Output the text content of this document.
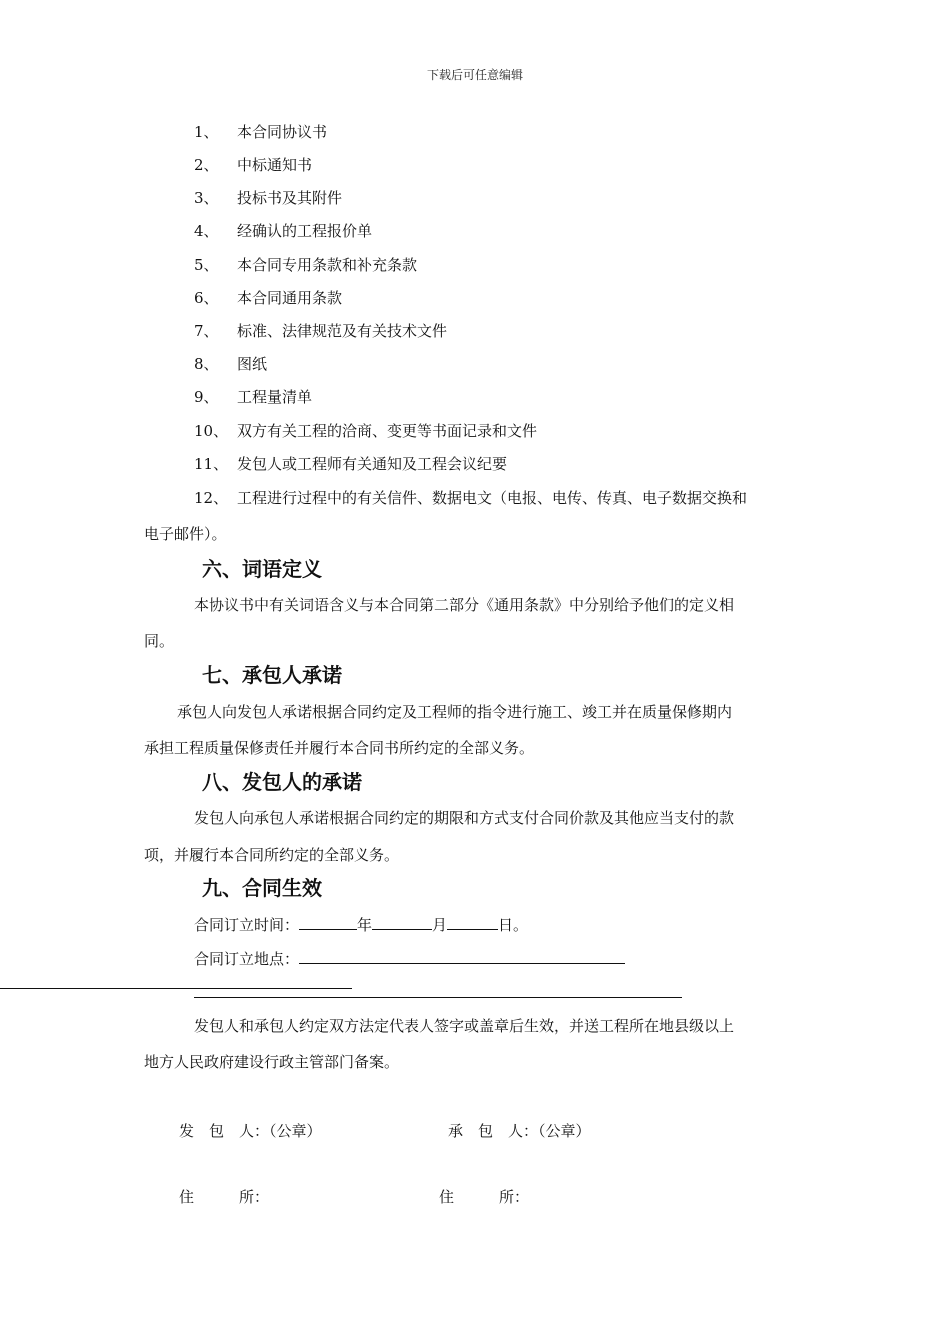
下载后可任意编辑
1、 本合同协议书
2、 中标通知书
3、 投标书及其附件
4、 经确认的工程报价单
5、 本合同专用条款和补充条款
6、 本合同通用条款
7、 标准、法律规范及有关技术文件
8、 图纸
9、 工程量清单
10、 双方有关工程的洽商、变更等书面记录和文件
11、 发包人或工程师有关通知及工程会议纪要
12、 工程进行过程中的有关信件、数据电文（电报、电传、传真、电子数据交换和
电子邮件）。
六、词语定义
本协议书中有关词语含义与本合同第二部分《通用条款》中分别给予他们的定义相
同。
七、承包人承诺
承包人向发包人承诺根据合同约定及工程师的指令进行施工、竣工并在质量保修期内
承担工程质量保修责任并履行本合同书所约定的全部义务。
八、发包人的承诺
发包人向承包人承诺根据合同约定的期限和方式支付合同价款及其他应当支付的款
项，并履行本合同所约定的全部义务。
九、合同生效
合同订立时间：	年	月	日。
合同订立地点：
发包人和承包人约定双方法定代表人签字或盖章后生效，并送工程所在地县级以上
地方人民政府建设行政主管部门备案。
发　包　人：（公章）	承　包　人：（公章）
住　　　所：	住　　　所：
